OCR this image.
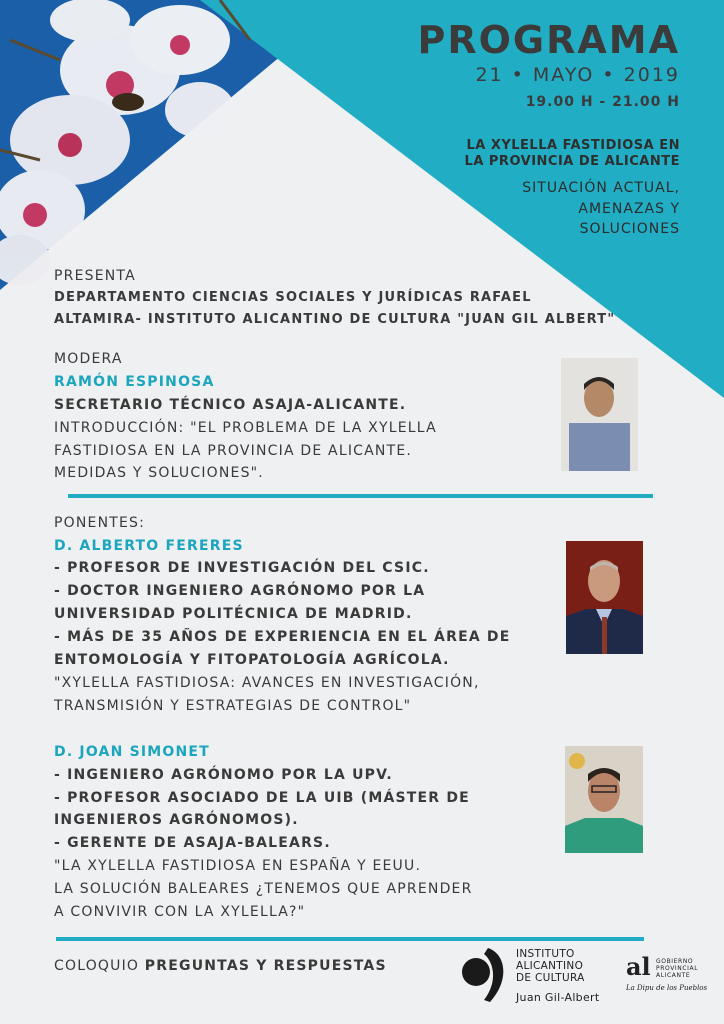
PROGRAMA
21 • MAYO • 2019
19.00 H - 21.00 H
LA XYLELLA FASTIDIOSA EN
LA PROVINCIA DE ALICANTE
SITUACIÓN ACTUAL,
AMENAZAS Y
SOLUCIONES
PRESENTA
DEPARTAMENTO CIENCIAS SOCIALES Y JURÍDICAS RAFAEL
ALTAMIRA- INSTITUTO ALICANTINO DE CULTURA "JUAN GIL ALBERT"
MODERA
RAMÓN ESPINOSA
SECRETARIO TÉCNICO ASAJA-ALICANTE.
INTRODUCCIÓN: "EL PROBLEMA DE LA XYLELLA
FASTIDIOSA EN LA PROVINCIA DE ALICANTE.
MEDIDAS Y SOLUCIONES".
PONENTES:
D. ALBERTO FERERES
- PROFESOR DE INVESTIGACIÓN DEL CSIC.
- DOCTOR INGENIERO AGRÓNOMO POR LA
UNIVERSIDAD POLITÉCNICA DE MADRID.
- MÁS DE 35 AÑOS DE EXPERIENCIA EN EL ÁREA DE
ENTOMOLOGÍA Y FITOPATOLOGÍA AGRÍCOLA.
"XYLELLA FASTIDIOSA: AVANCES EN INVESTIGACIÓN,
TRANSMISIÓN Y ESTRATEGIAS DE CONTROL"
D. JOAN SIMONET
- INGENIERO AGRÓNOMO POR LA UPV.
- PROFESOR ASOCIADO DE LA UIB (MÁSTER DE
INGENIEROS AGRÓNOMOS).
- GERENTE DE ASAJA-BALEARS.
"LA XYLELLA FASTIDIOSA EN ESPAÑA Y EEUU.
LA SOLUCIÓN BALEARES ¿TENEMOS QUE APRENDER
A CONVIVIR CON LA XYLELLA?"
COLOQUIO PREGUNTAS Y RESPUESTAS
INSTITUTO
ALICANTINO
DE CULTURA
Juan Gil-Albert
al GOBIERNO
PROVINCIAL
ALICANTE
La Dipu de los Pueblos
